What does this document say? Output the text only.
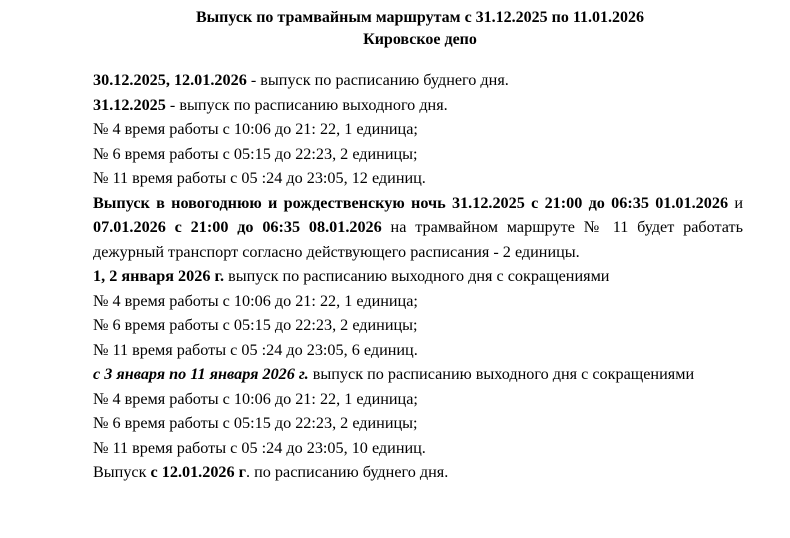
Выпуск по трамвайным маршрутам с 31.12.2025 по 11.01.2026
Кировское депо

30.12.2025, 12.01.2026 - выпуск по расписанию буднего дня.

31.12.2025 - выпуск по расписанию выходного дня.

№ 4 время работы с 10:06 до 21: 22, 1 единица;

№ 6 время работы с 05:15 до 22:23, 2 единицы;

№ 11 время работы с 05 :24 до 23:05, 12 единиц.

Выпуск в новогоднюю и рождественскую ночь 31.12.2025 с 21:00 до 06:35 01.01.2026 и 07.01.2026 с 21:00 до 06:35 08.01.2026 на трамвайном маршруте № 11 будет работать дежурный транспорт согласно действующего расписания - 2 единицы.

1, 2 января 2026 г. выпуск по расписанию выходного дня с сокращениями

№ 4 время работы с 10:06 до 21: 22, 1 единица;

№ 6 время работы с 05:15 до 22:23, 2 единицы;

№ 11 время работы с 05 :24 до 23:05, 6 единиц.

с 3 января по 11 января 2026 г. выпуск по расписанию выходного дня с сокращениями

№ 4 время работы с 10:06 до 21: 22, 1 единица;

№ 6 время работы с 05:15 до 22:23, 2 единицы;

№ 11 время работы с 05 :24 до 23:05, 10 единиц.

Выпуск с 12.01.2026 г. по расписанию буднего дня.
